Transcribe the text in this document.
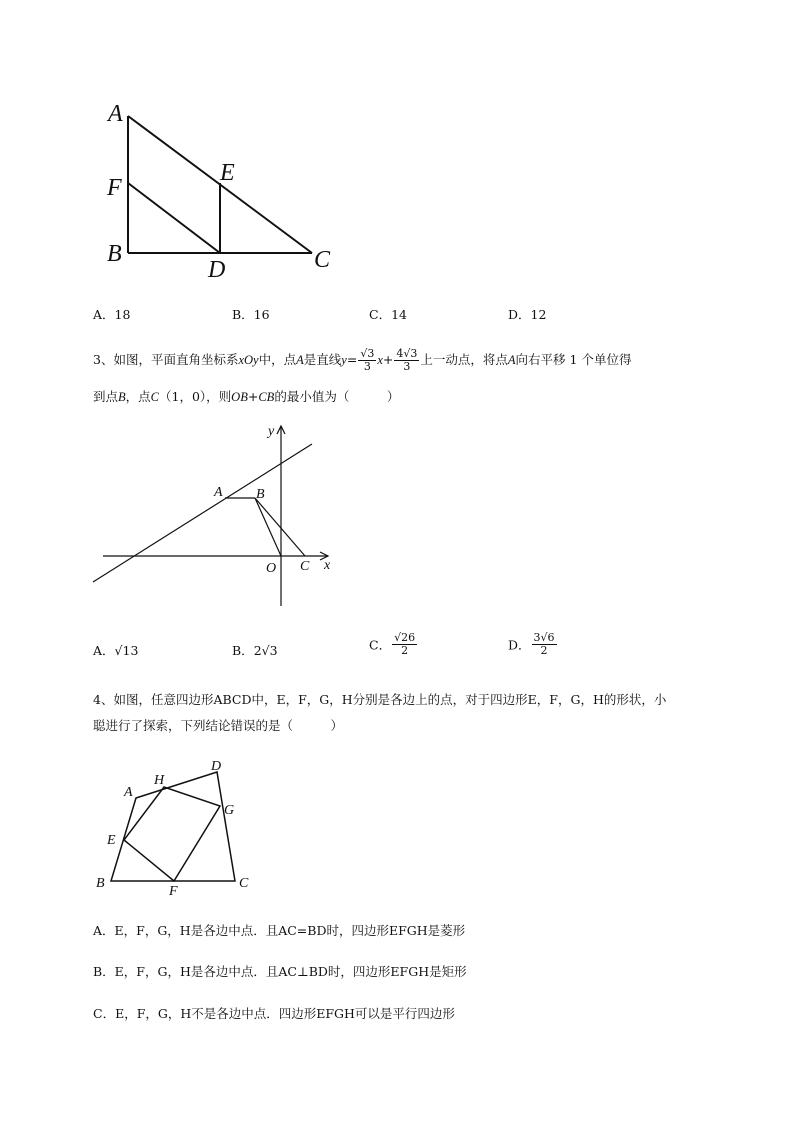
A
F
E
B
D	C
A．18	B．16	C．14	D．12
3、如图，平面直角坐标系xOy中，点A是直线$y= \frac{√3}{3} x+ \frac{4√3}{3}$ 上一动点，将点A向右平移 1 个单位得
到点B，点C（1，0），则OB+CB的最小值为（　　　）
y
x
A B
O C
A．√13	B．2√3	C． $\frac{√26}{2}$	D． $\frac{3√6}{2}$
4、如图，任意四边形ABCD中，E，F，G，H分别是各边上的点，对于四边形E，F，G，H的形状，小
聪进行了探索，下列结论错误的是（　　　）
A
H
D
G
E
B
F
C
A．E，F，G，H是各边中点．且AC=BD时，四边形EFGH是菱形
B．E，F，G，H是各边中点．且AC⊥BD时，四边形EFGH是矩形
C．E，F，G，H不是各边中点．四边形EFGH可以是平行四边形
